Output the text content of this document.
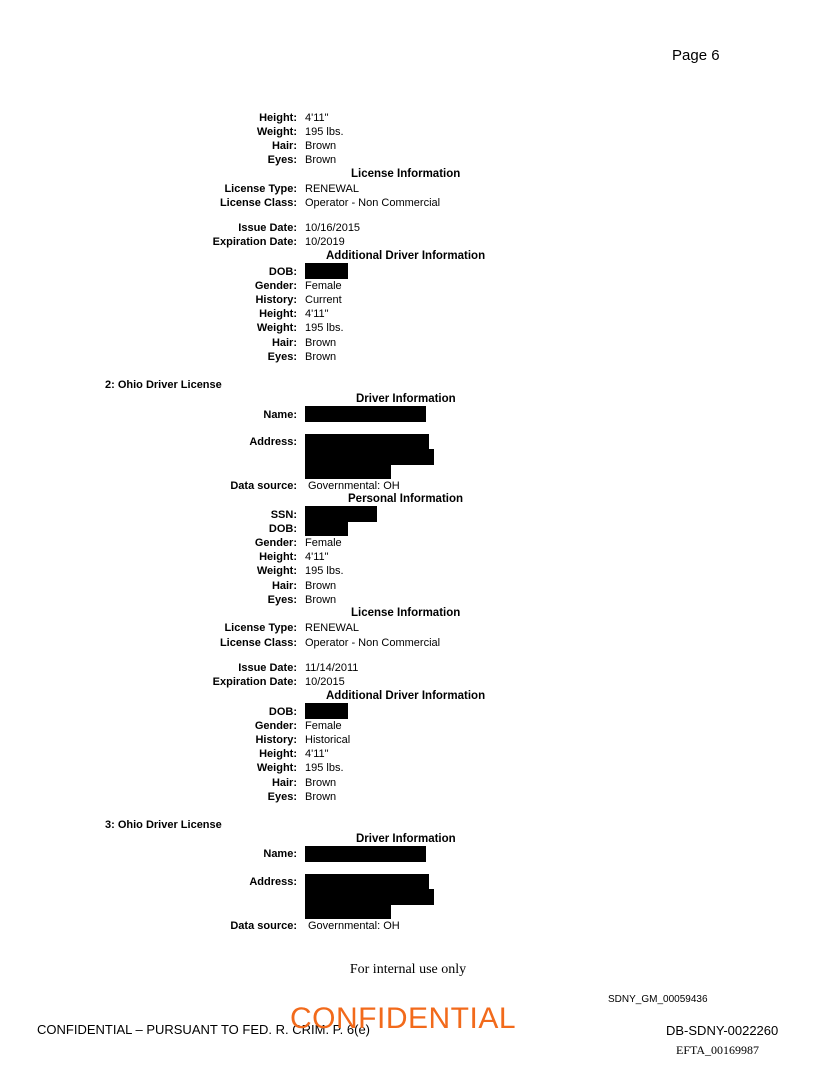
Page 6
Height: 4'11"
Weight: 195 lbs.
Hair: Brown
Eyes: Brown
License Information
License Type: RENEWAL
License Class: Operator - Non Commercial
Issue Date: 10/16/2015
Expiration Date: 10/2019
Additional Driver Information
DOB:
Gender: Female
History: Current
Height: 4'11"
Weight: 195 lbs.
Hair: Brown
Eyes: Brown
2: Ohio Driver License
Driver Information
Name:
Address:
Data source: Governmental: OH
Personal Information
SSN:
DOB:
Gender: Female
Height: 4'11"
Weight: 195 lbs.
Hair: Brown
Eyes: Brown
License Information
License Type: RENEWAL
License Class: Operator - Non Commercial
Issue Date: 11/14/2011
Expiration Date: 10/2015
Additional Driver Information
DOB:
Gender: Female
History: Historical
Height: 4'11"
Weight: 195 lbs.
Hair: Brown
Eyes: Brown
3: Ohio Driver License
Driver Information
Name:
Address:
Data source: Governmental: OH
For internal use only
SDNY_GM_00059436
CONFIDENTIAL – PURSUANT TO FED. R. CRIM. P. 6(e)
CONFIDENTIAL	DB-SDNY-0022260
EFTA_00169987
